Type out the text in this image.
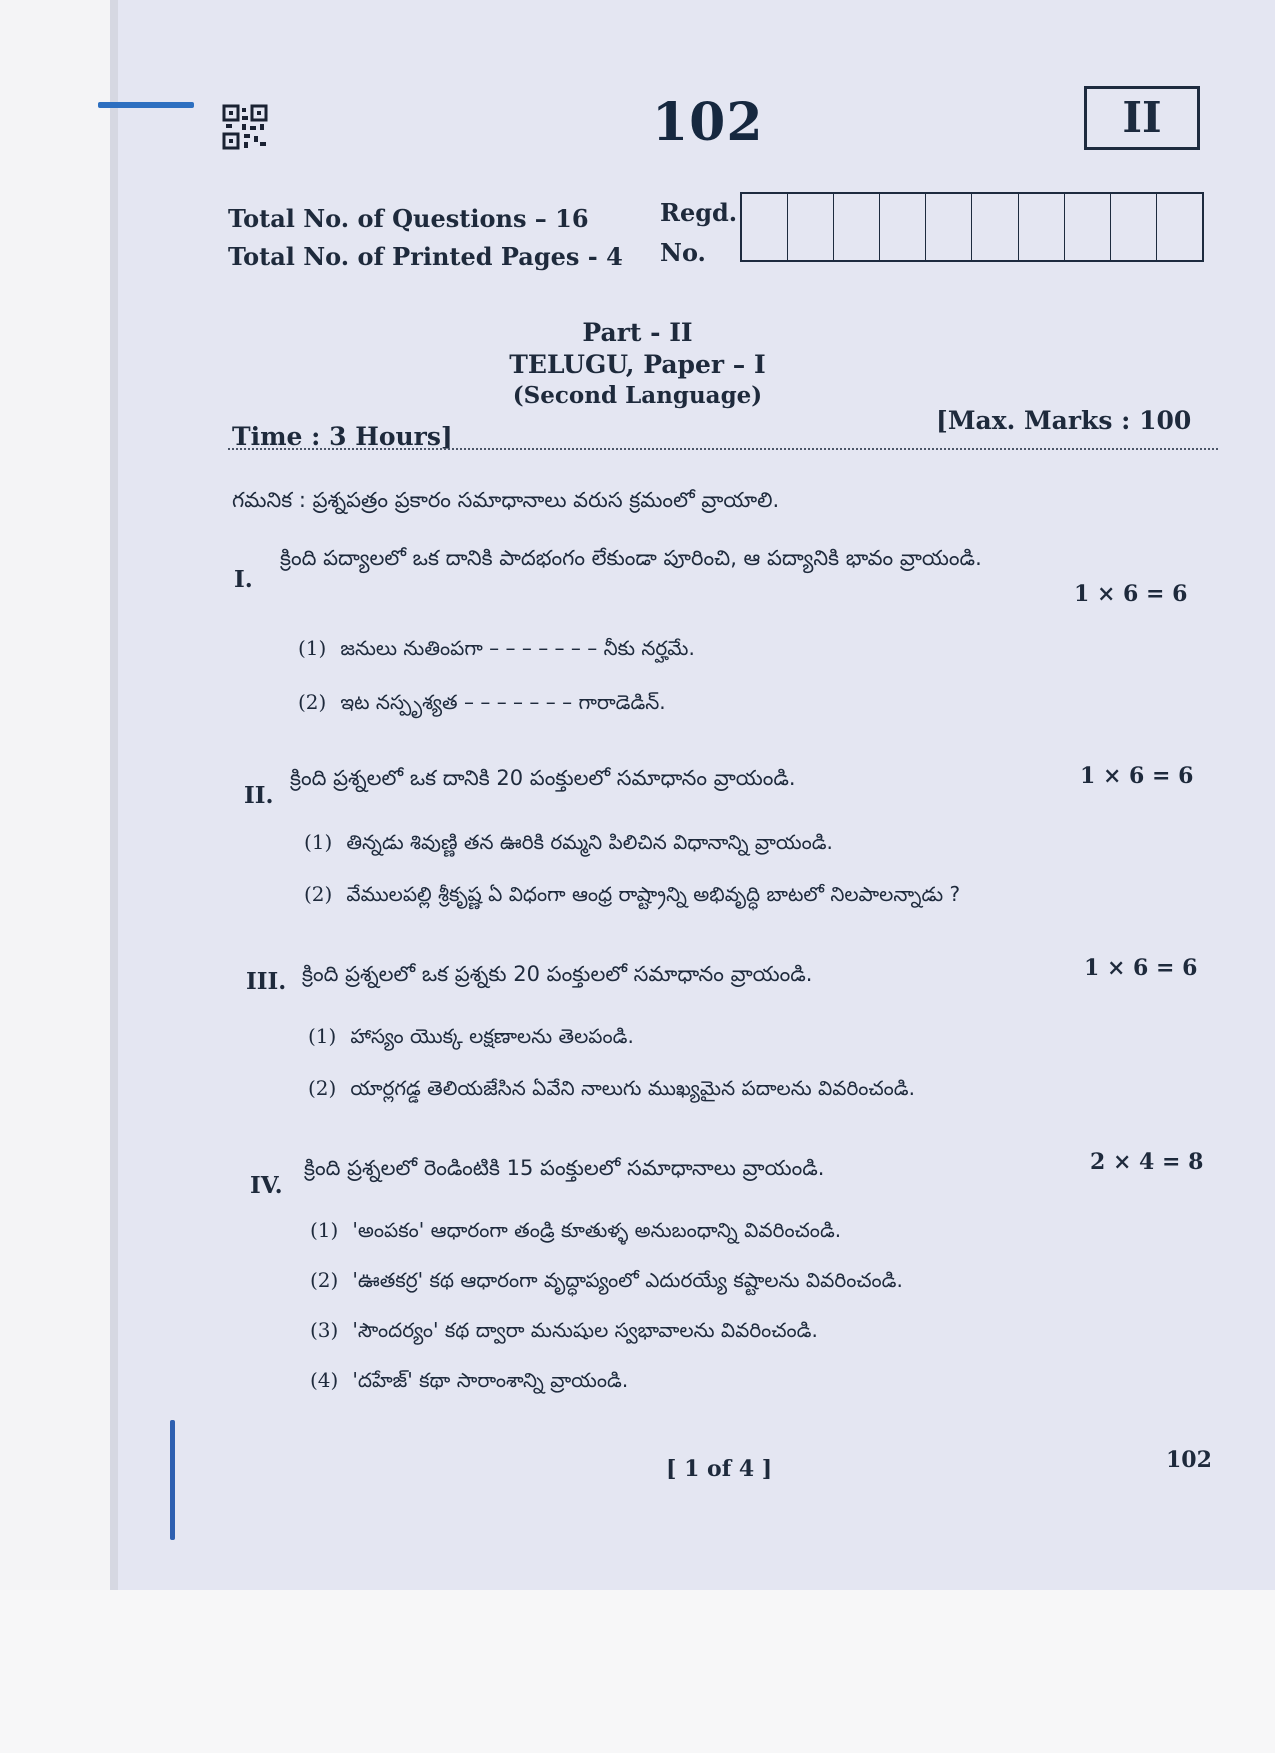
102	II
Total No. of Questions – 16
Total No. of Printed Pages - 4
Regd.
No.
Part - II
TELUGU, Paper – I
(Second Language)
Time : 3 Hours]
[Max. Marks : 100
గమనిక : ప్రశ్నపత్రం ప్రకారం సమాధానాలు వరుస క్రమంలో వ్రాయాలి.
I.
క్రింది పద్యాలలో ఒక దానికి పాదభంగం లేకుండా పూరించి, ఆ పద్యానికి భావం వ్రాయండి.
1 × 6 = 6
(1) జనులు నుతింపగా – – – – – – – నీకు నర్హమే.
(2) ఇట నస్పృశ్యత – – – – – – – గారాడెడిన్.
II.
క్రింది ప్రశ్నలలో ఒక దానికి 20 పంక్తులలో సమాధానం వ్రాయండి.	1 × 6 = 6
(1) తిన్నడు శివుణ్ణి తన ఊరికి రమ్మని పిలిచిన విధానాన్ని వ్రాయండి.
(2) వేములపల్లి శ్రీకృష్ణ ఏ విధంగా ఆంధ్ర రాష్ట్రాన్ని అభివృద్ధి బాటలో నిలపాలన్నాడు ?
III. క్రింది ప్రశ్నలలో ఒక ప్రశ్నకు 20 పంక్తులలో సమాధానం వ్రాయండి.	1 × 6 = 6
(1) హాస్యం యొక్క లక్షణాలను తెలపండి.
(2) యార్లగడ్డ తెలియజేసిన ఏవేని నాలుగు ముఖ్యమైన పదాలను వివరించండి.
IV.
క్రింది ప్రశ్నలలో రెండింటికి 15 పంక్తులలో సమాధానాలు వ్రాయండి.	2 × 4 = 8
(1) 'అంపకం' ఆధారంగా తండ్రి కూతుళ్ళ అనుబంధాన్ని వివరించండి.
(2) 'ఊతకర్ర' కథ ఆధారంగా వృద్ధాప్యంలో ఎదురయ్యే కష్టాలను వివరించండి.
(3) 'సౌందర్యం' కథ ద్వారా మనుషుల స్వభావాలను వివరించండి.
(4) 'దహేజ్' కథా సారాంశాన్ని వ్రాయండి.
[ 1 of 4 ]	102
